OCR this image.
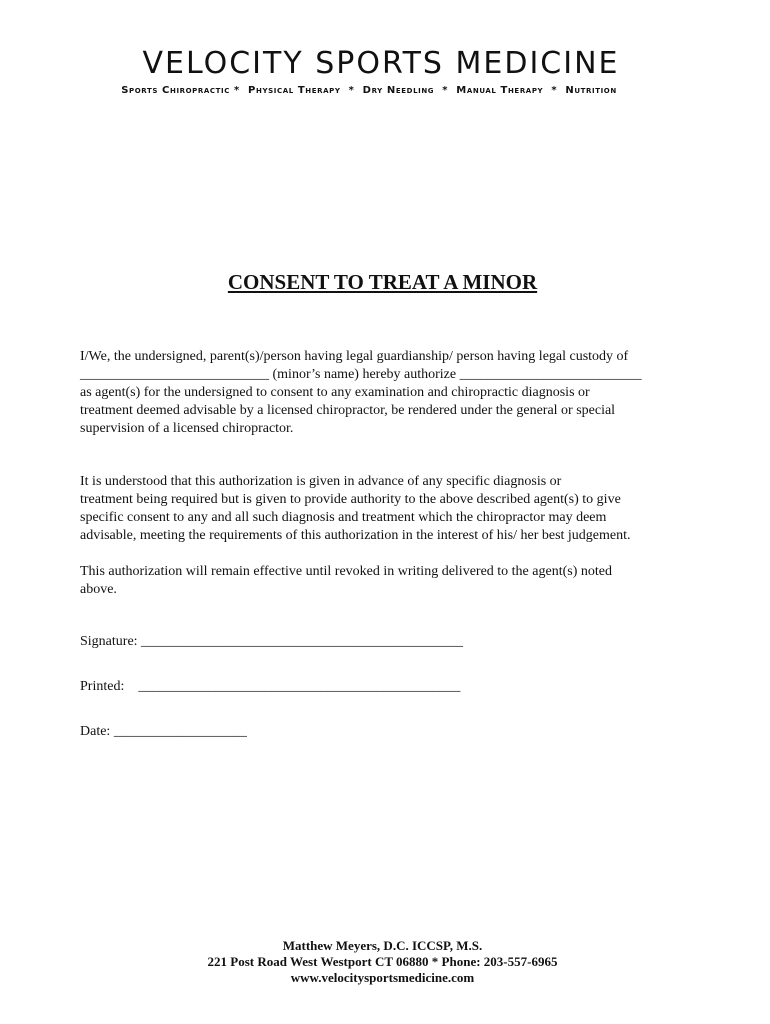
VELOCITY SPORTS MEDICINE
Sports Chiropractic *  Physical Therapy  *  Dry Needling  *  Manual Therapy  *  Nutrition
CONSENT TO TREAT A MINOR
I/We, the undersigned, parent(s)/person having legal guardianship/ person having legal custody of
___________________________ (minor’s name) hereby authorize __________________________
as agent(s) for the undersigned to consent to any examination and chiropractic diagnosis or
treatment deemed advisable by a licensed chiropractor, be rendered under the general or special
supervision of a licensed chiropractor.
It is understood that this authorization is given in advance of any specific diagnosis or
treatment being required but is given to provide authority to the above described agent(s) to give
specific consent to any and all such diagnosis and treatment which the chiropractor may deem
advisable, meeting the requirements of this authorization in the interest of his/ her best judgement.
This authorization will remain effective until revoked in writing delivered to the agent(s) noted
above.
Signature: ______________________________________________
Printed:    ______________________________________________
Date: ___________________
Matthew Meyers, D.C. ICCSP, M.S.
221 Post Road West Westport CT 06880 * Phone: 203-557-6965
www.velocitysportsmedicine.com
